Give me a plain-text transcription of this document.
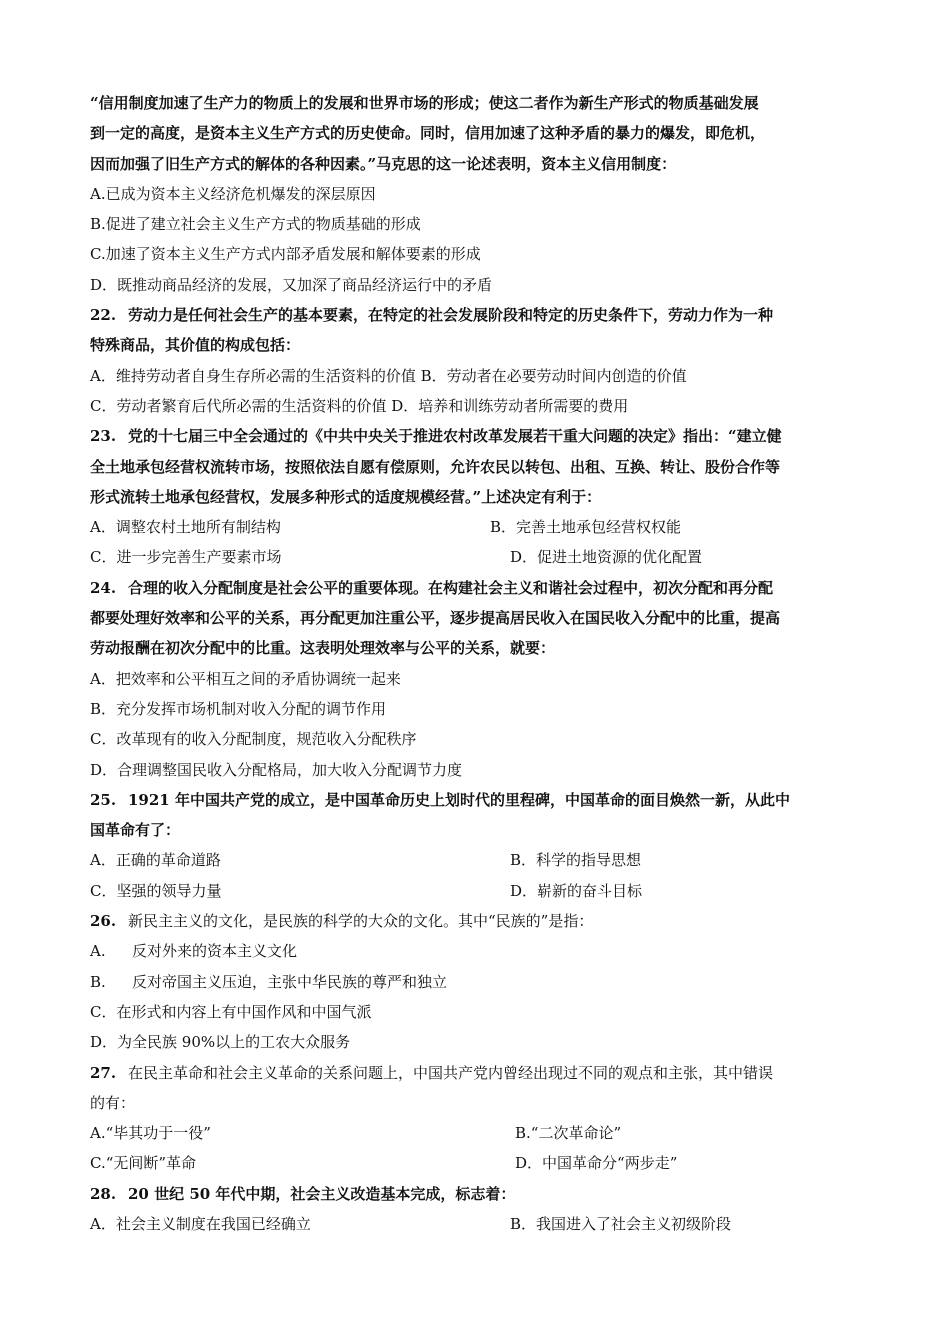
“信用制度加速了生产力的物质上的发展和世界市场的形成；使这二者作为新生产形式的物质基础发展
到一定的高度，是资本主义生产方式的历史使命。同时，信用加速了这种矛盾的暴力的爆发，即危机，
因而加强了旧生产方式的解体的各种因素。”马克思的这一论述表明，资本主义信用制度：
A.已成为资本主义经济危机爆发的深层原因
B.促进了建立社会主义生产方式的物质基础的形成
C.加速了资本主义生产方式内部矛盾发展和解体要素的形成
D．既推动商品经济的发展，又加深了商品经济运行中的矛盾
22. 劳动力是任何社会生产的基本要素，在特定的社会发展阶段和特定的历史条件下，劳动力作为一种
特殊商品，其价值的构成包括：
A．维持劳动者自身生存所必需的生活资料的价值 B．劳动者在必要劳动时间内创造的价值
C．劳动者繁育后代所必需的生活资料的价值 D．培养和训练劳动者所需要的费用
23. 党的十七届三中全会通过的《中共中央关于推进农村改革发展若干重大问题的决定》指出：“建立健
全土地承包经营权流转市场，按照依法自愿有偿原则，允许农民以转包、出租、互换、转让、股份合作等
形式流转土地承包经营权，发展多种形式的适度规模经营。”上述决定有利于：
A．调整农村土地所有制结构	B．完善土地承包经营权权能
C．进一步完善生产要素市场	D．促进土地资源的优化配置
24. 合理的收入分配制度是社会公平的重要体现。在构建社会主义和谐社会过程中，初次分配和再分配
都要处理好效率和公平的关系，再分配更加注重公平，逐步提高居民收入在国民收入分配中的比重，提高
劳动报酬在初次分配中的比重。这表明处理效率与公平的关系，就要：
A．把效率和公平相互之间的矛盾协调统一起来
B．充分发挥市场机制对收入分配的调节作用
C．改革现有的收入分配制度，规范收入分配秩序
D．合理调整国民收入分配格局，加大收入分配调节力度
25. 1921 年中国共产党的成立，是中国革命历史上划时代的里程碑，中国革命的面目焕然一新，从此中
国革命有了：
A．正确的革命道路	B．科学的指导思想
C．坚强的领导力量	D．崭新的奋斗目标
26. 新民主主义的文化，是民族的科学的大众的文化。其中“民族的”是指：
A. 反对外来的资本主义文化
B. 反对帝国主义压迫，主张中华民族的尊严和独立
C．在形式和内容上有中国作风和中国气派
D．为全民族 90%以上的工农大众服务
27. 在民主革命和社会主义革命的关系问题上，中国共产党内曾经出现过不同的观点和主张，其中错误
的有：
A.“毕其功于一役”	B.“二次革命论”
C.“无间断”革命	D．中国革命分“两步走”
28. 20 世纪 50 年代中期，社会主义改造基本完成，标志着：
A．社会主义制度在我国已经确立	B．我国进入了社会主义初级阶段
